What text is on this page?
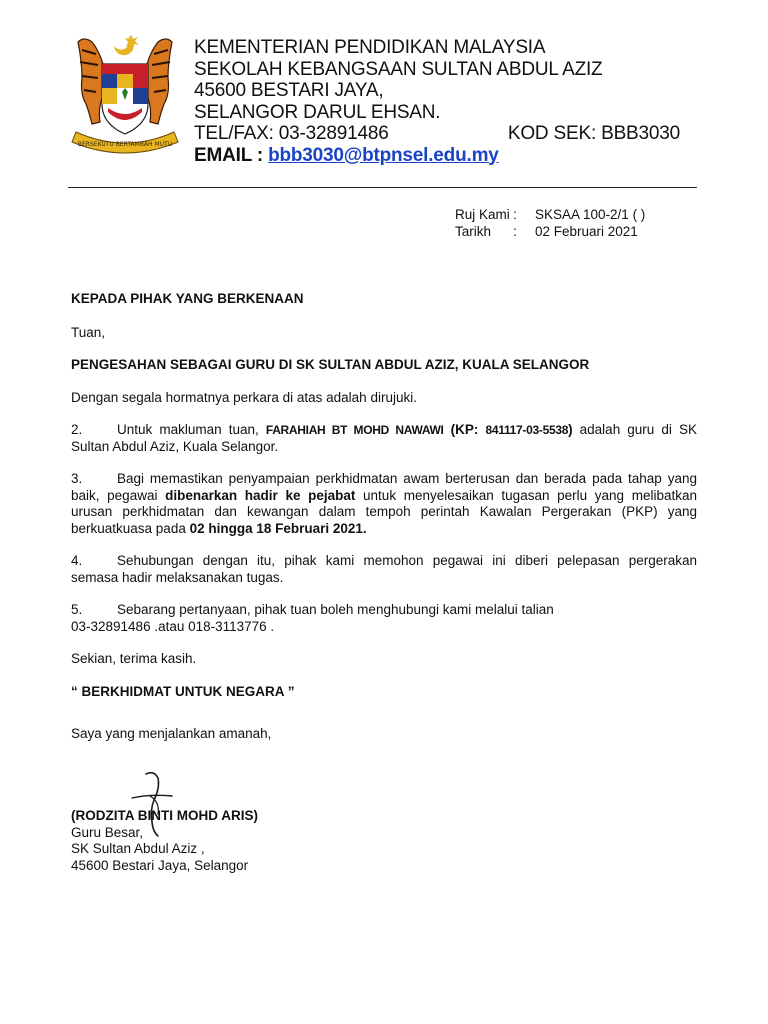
BERSEKUTU BERTAMBAH MUTU
KEMENTERIAN PENDIDIKAN MALAYSIA
SEKOLAH KEBANGSAAN SULTAN ABDUL AZIZ
45600 BESTARI JAYA,
SELANGOR DARUL EHSAN.
TEL/FAX: 03-32891486	KOD SEK: BBB3030
EMAIL : bbb3030@btpnsel.edu.my
Ruj Kami :	SKSAA 100-2/1 ( )
Tarikh	:	02 Februari 2021

KEPADA PIHAK YANG BERKENAAN

Tuan,

PENGESAHAN SEBAGAI GURU DI SK SULTAN ABDUL AZIZ, KUALA SELANGOR

Dengan segala hormatnya perkara di atas adalah dirujuki.

2.	Untuk makluman tuan, FARAHIAH BT MOHD NAWAWI (KP: 841117-03-5538) adalah guru di SK

Sultan Abdul Aziz, Kuala Selangor.

3.	Bagi memastikan penyampaian perkhidmatan awam berterusan dan berada pada tahap yang

baik, pegawai dibenarkan hadir ke pejabat untuk menyelesaikan tugasan perlu yang melibatkan

urusan perkhidmatan dan kewangan dalam tempoh perintah Kawalan Pergerakan (PKP) yang

berkuatkuasa pada 02 hingga 18 Februari 2021.

4.	Sehubungan dengan itu, pihak kami memohon pegawai ini diberi pelepasan pergerakan

semasa hadir melaksanakan tugas.

5.	Sebarang pertanyaan, pihak tuan boleh menghubungi kami melalui talian

03-32891486 .atau 018-3113776 .

Sekian, terima kasih.

“ BERKHIDMAT UNTUK NEGARA ”

Saya yang menjalankan amanah,

(RODZITA BINTI MOHD ARIS)
Guru Besar,
SK Sultan Abdul Aziz ,
45600 Bestari Jaya, Selangor
